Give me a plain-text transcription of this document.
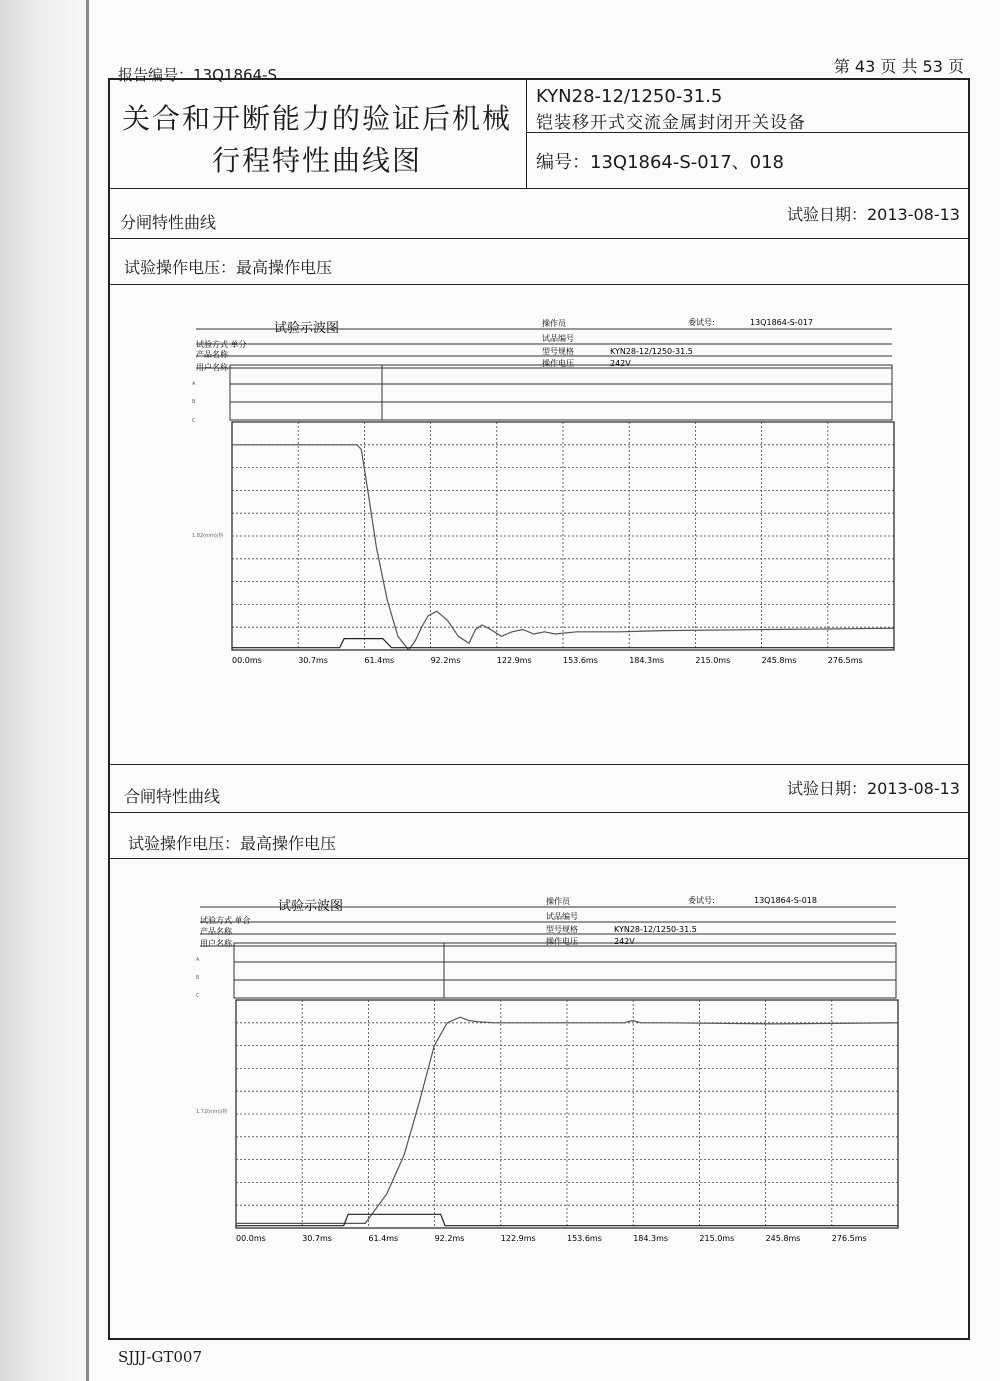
报告编号：13Q1864-S	第 43 页 共 53 页
关合和开断能力的验证后机械
行程特性曲线图
KYN28-12/1250-31.5
铠装移开式交流金属封闭开关设备
编号：13Q1864-S-017、018
分闸特性曲线	试验日期：2013-08-13
试验操作电压：最高操作电压
试验示波图	操作员	委试号:	13Q1864-S-017
试品编号
试验方式 单分
型号规格	KYN28-12/1250-31.5
产品名称
操作电压	242V
用户名称
A
B
C
1.82(mm)/格
00.0ms	30.7ms	61.4ms	92.2ms	122.9ms	153.6ms	184.3ms	215.0ms	245.8ms	276.5ms
合闸特性曲线	试验日期：2013-08-13
试验操作电压：最高操作电压
试验示波图	操作员	委试号:	13Q1864-S-018
试品编号
试验方式 单合
型号规格	KYN28-12/1250-31.5
产品名称
操作电压	242V
用户名称
A
B
C
1.72(mm)/格
00.0ms	30.7ms	61.4ms	92.2ms	122.9ms	153.6ms	184.3ms	215.0ms	245.8ms	276.5ms
SJJJ-GT007
